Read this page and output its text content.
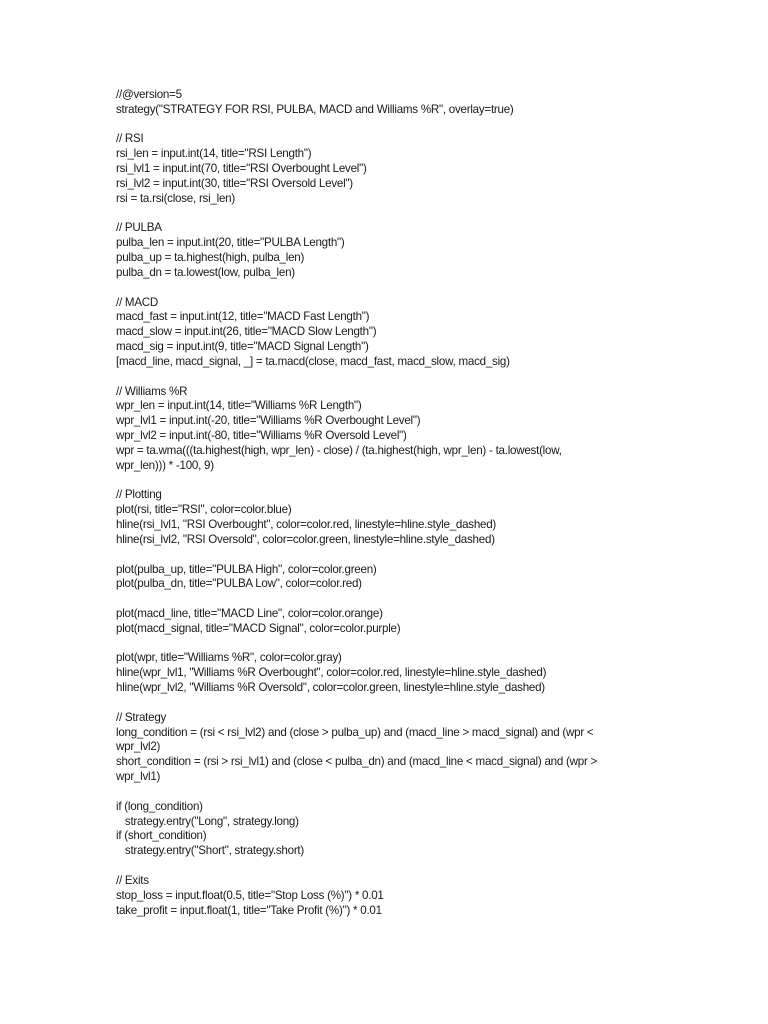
//@version=5
strategy("STRATEGY FOR RSI, PULBA, MACD and Williams %R", overlay=true)
// RSI
rsi_len = input.int(14, title="RSI Length")
rsi_lvl1 = input.int(70, title="RSI Overbought Level")
rsi_lvl2 = input.int(30, title="RSI Oversold Level")
rsi = ta.rsi(close, rsi_len)
// PULBA
pulba_len = input.int(20, title="PULBA Length")
pulba_up = ta.highest(high, pulba_len)
pulba_dn = ta.lowest(low, pulba_len)
// MACD
macd_fast = input.int(12, title="MACD Fast Length")
macd_slow = input.int(26, title="MACD Slow Length")
macd_sig = input.int(9, title="MACD Signal Length")
[macd_line, macd_signal, _] = ta.macd(close, macd_fast, macd_slow, macd_sig)
// Williams %R
wpr_len = input.int(14, title="Williams %R Length")
wpr_lvl1 = input.int(-20, title="Williams %R Overbought Level")
wpr_lvl2 = input.int(-80, title="Williams %R Oversold Level")
wpr = ta.wma(((ta.highest(high, wpr_len) - close) / (ta.highest(high, wpr_len) - ta.lowest(low,
wpr_len))) * -100, 9)
// Plotting
plot(rsi, title="RSI", color=color.blue)
hline(rsi_lvl1, "RSI Overbought", color=color.red, linestyle=hline.style_dashed)
hline(rsi_lvl2, "RSI Oversold", color=color.green, linestyle=hline.style_dashed)
plot(pulba_up, title="PULBA High", color=color.green)
plot(pulba_dn, title="PULBA Low", color=color.red)
plot(macd_line, title="MACD Line", color=color.orange)
plot(macd_signal, title="MACD Signal", color=color.purple)
plot(wpr, title="Williams %R", color=color.gray)
hline(wpr_lvl1, "Williams %R Overbought", color=color.red, linestyle=hline.style_dashed)
hline(wpr_lvl2, "Williams %R Oversold", color=color.green, linestyle=hline.style_dashed)
// Strategy
long_condition = (rsi < rsi_lvl2) and (close > pulba_up) and (macd_line > macd_signal) and (wpr <
wpr_lvl2)
short_condition = (rsi > rsi_lvl1) and (close < pulba_dn) and (macd_line < macd_signal) and (wpr >
wpr_lvl1)
if (long_condition)
strategy.entry("Long", strategy.long)
if (short_condition)
strategy.entry("Short", strategy.short)
// Exits
stop_loss = input.float(0.5, title="Stop Loss (%)") * 0.01
take_profit = input.float(1, title="Take Profit (%)") * 0.01
